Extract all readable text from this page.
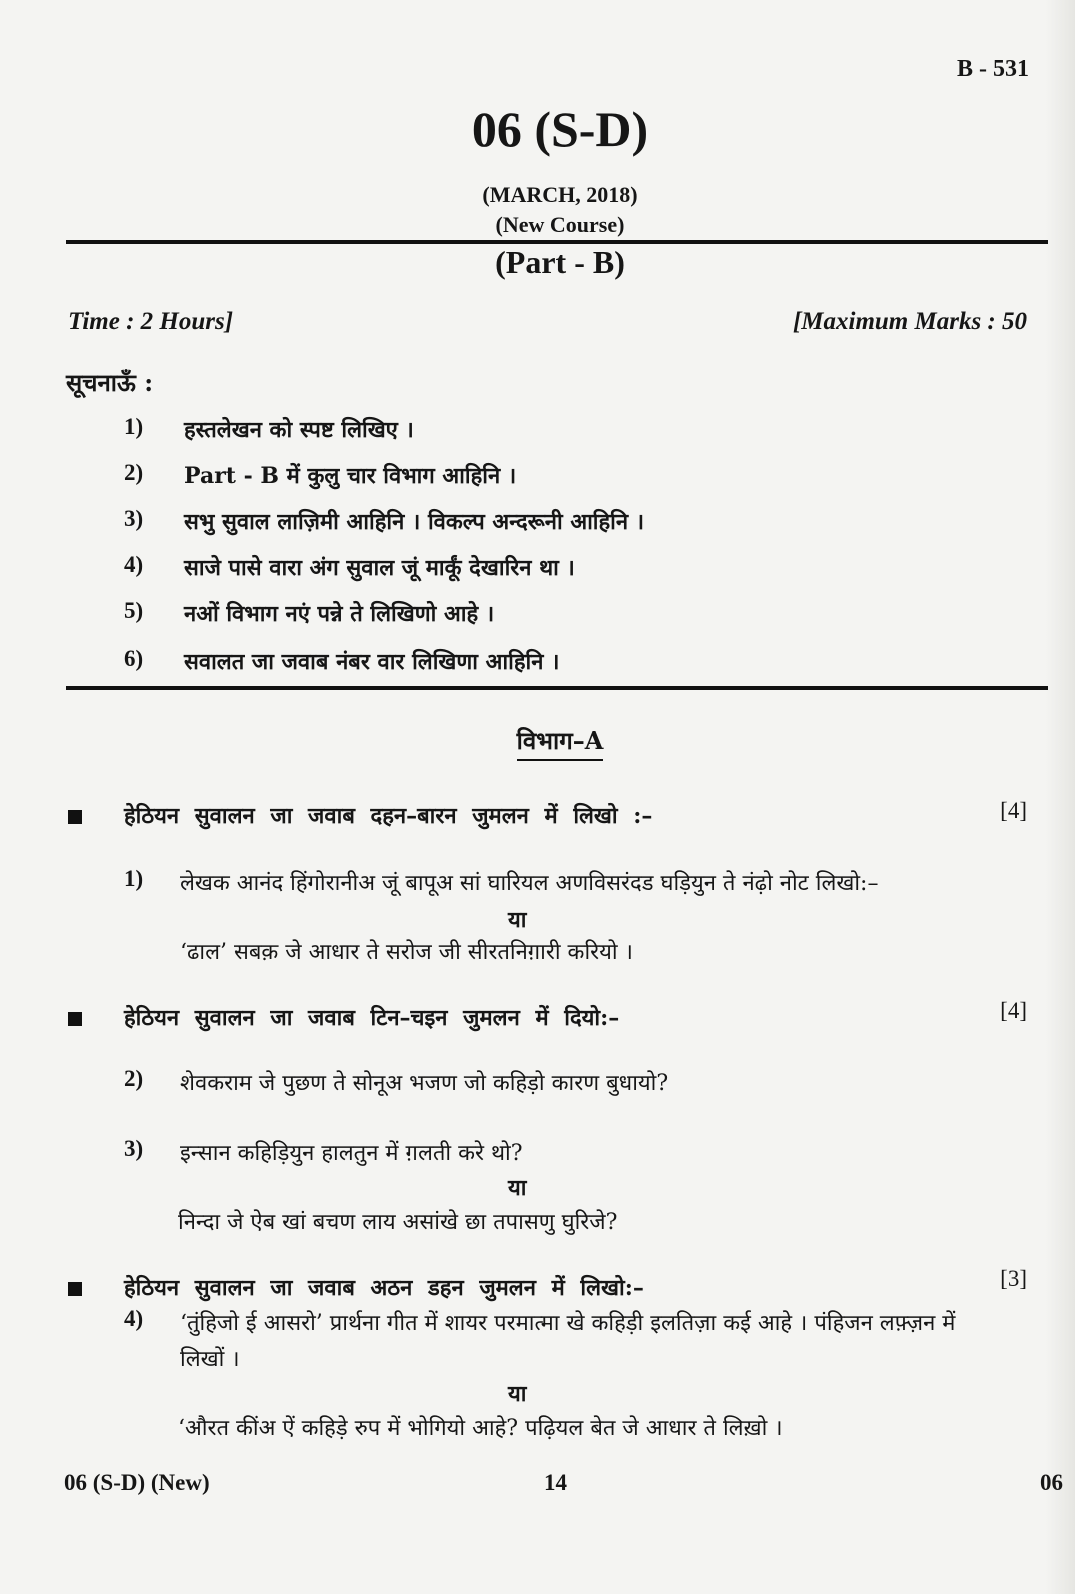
B - 531
06 (S-D)
(MARCH, 2018)
(New Course)
(Part - B)
Time : 2 Hours]	[Maximum Marks : 50
सूचनाऊँ :
1)	हस्तलेखन को स्पष्ट लिखिए ।
2)	Part - B में कुलु चार विभाग आहिनि ।
3)	सभु सुवाल लाज़िमी आहिनि । विकल्प अन्दरूनी आहिनि ।
4)	साजे पासे वारा अंग सुवाल जूं मार्कूं देखारिन था ।
5)	नओं विभाग नएं पन्ने ते लिखिणो आहे ।
6)	सवालत जा जवाब नंबर वार लिखिणा आहिनि ।
विभाग–A
हेठियन सुवालन जा जवाब दहन–बारन जुमलन में लिखो :–	[4]
1)	लेखक आनंद हिंगोरानीअ जूं बापूअ सां घारियल अणविसरंदड घड़ियुन ते नंढ़ो नोट लिखो:–
या
‘ढाल’ सबक़ जे आधार ते सरोज जी सीरतनिग़ारी करियो ।
हेठियन सुवालन जा जवाब टिन–चइन जुमलन में दियो:–	[4]
2)	शेवकराम जे पुछण ते सोनूअ भजण जो कहिड़ो कारण बुधायो?
3)	इन्सान कहिड़ियुन हालतुन में ग़लती करे थो?
या
निन्दा जे ऐब खां बचण लाय असांखे छा तपासणु घुरिजे?
हेठियन सुवालन जा जवाब अठन डहन जुमलन में लिखो:–	[3]
4)	‘तुंहिजो ई आसरो’ प्रार्थना गीत में शायर परमात्मा खे कहिड़ी इलतिज़ा कई आहे । पंहिजन लफ़्ज़न में लिखों ।
या
‘औरत कींअ ऐं कहिड़े रुप में भोगियो आहे? पढ़ियल बेत जे आधार ते लिख़ो ।
06 (S-D) (New)	14	06
